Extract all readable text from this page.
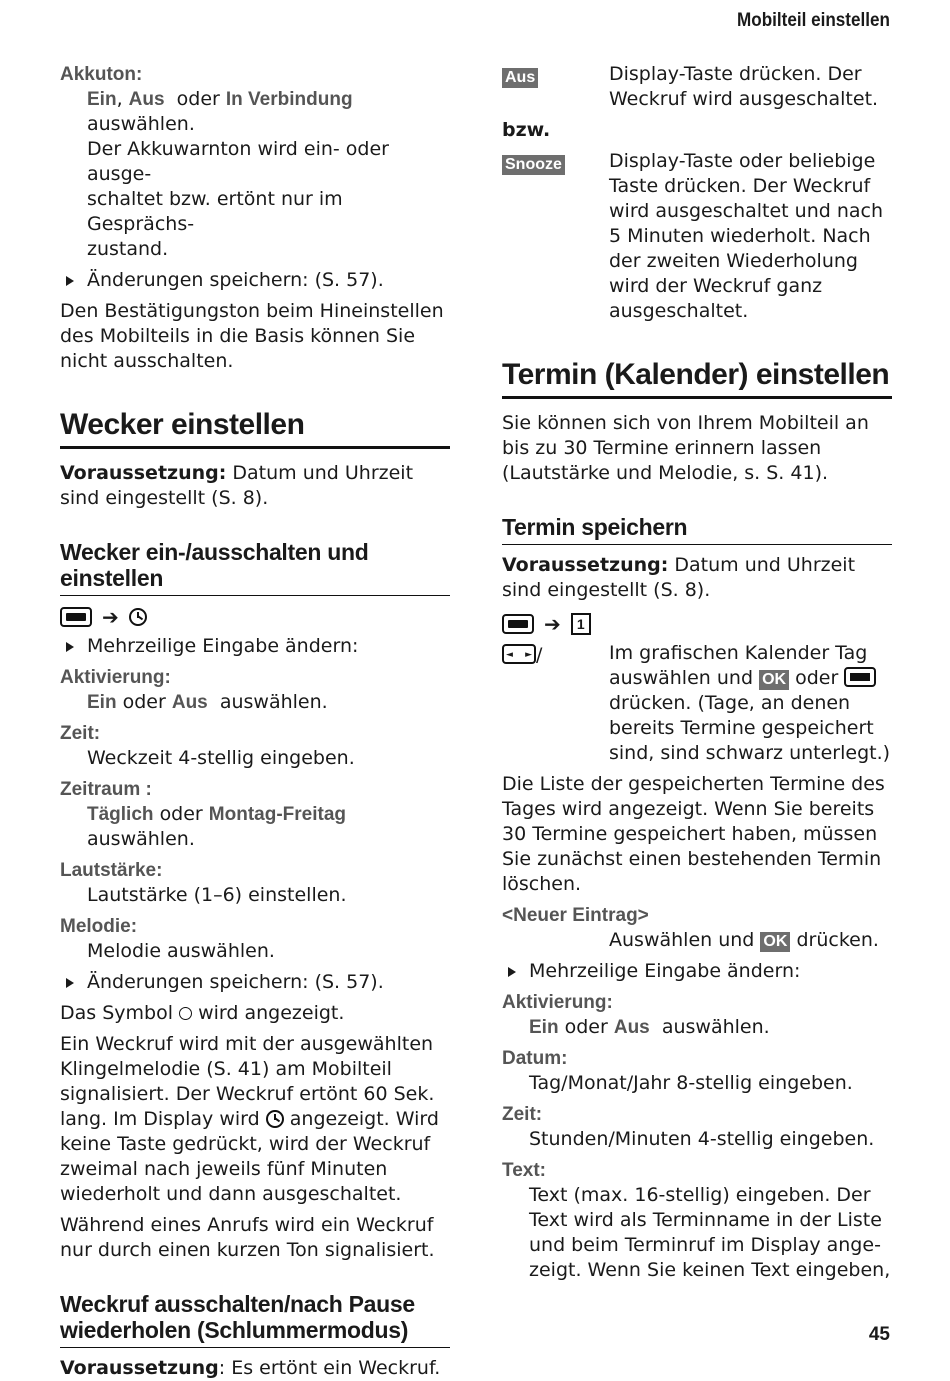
Mobilteil einstellen
Akkuton:
Ein, Aus oder In Verbindung auswählen.
Der Akkuwarnton wird ein- oder ausge-
schaltet bzw. ertönt nur im Gesprächs-
zustand.
Änderungen speichern: (S. 57).

Den Bestätigungston beim Hineinstellen des Mobilteils in die Basis können Sie nicht ausschalten.

Wecker einstellen

Voraussetzung: Datum und Uhrzeit sind eingestellt (S. 8).

Wecker ein-/ausschalten und einstellen
➔
Mehrzeilige Eingabe ändern:
Aktivierung:
Ein oder Aus auswählen.
Zeit:
Weckzeit 4-stellig eingeben.
Zeitraum :
Täglich oder Montag-Freitag auswählen.
Lautstärke:
Lautstärke (1–6) einstellen.
Melodie:
Melodie auswählen.
Änderungen speichern: (S. 57).

Das Symbol wird angezeigt.

Ein Weckruf wird mit der ausgewählten Klingelmelodie (S. 41) am Mobilteil signalisiert. Der Weckruf ertönt 60 Sek. lang. Im Display wird angezeigt. Wird keine Taste gedrückt, wird der Weckruf zweimal nach jeweils fünf Minuten wiederholt und dann ausgeschaltet.

Während eines Anrufs wird ein Weckruf nur durch einen kurzen Ton signalisiert.

Weckruf ausschalten/nach Pause wiederholen (Schlummermodus)

Voraussetzung: Es ertönt ein Weckruf.

Aus	Display-Taste drücken. Der Weckruf wird ausgeschaltet.
bzw.
Snooze	Display-Taste oder beliebige Taste drücken. Der Weckruf wird ausgeschaltet und nach 5 Minuten wiederholt. Nach der zweiten Wiederholung wird der Weckruf ganz ausgeschaltet.
Termin (Kalender) einstellen

Sie können sich von Ihrem Mobilteil an bis zu 30 Termine erinnern lassen (Lautstärke und Melodie, s. S. 41).

Termin speichern

Voraussetzung: Datum und Uhrzeit sind eingestellt (S. 8).

➔	1
◄ ►/	Im grafischen Kalender Tag auswählen und OK oder  drücken. (Tage, an denen bereits Termine gespeichert sind, sind schwarz unterlegt.)

Die Liste der gespeicherten Termine des Tages wird angezeigt. Wenn Sie bereits 30 Termine gespeichert haben, müssen Sie zunächst einen bestehenden Termin löschen.

<Neuer Eintrag>
Auswählen und OK drücken.
Mehrzeilige Eingabe ändern:
Aktivierung:
Ein oder Aus auswählen.
Datum:
Tag/Monat/Jahr 8-stellig eingeben.
Zeit:
Stunden/Minuten 4-stellig eingeben.
Text:
Text (max. 16-stellig) eingeben. Der Text wird als Terminname in der Liste und beim Terminruf im Display angezeigt. Wenn Sie keinen Text eingeben,
45
